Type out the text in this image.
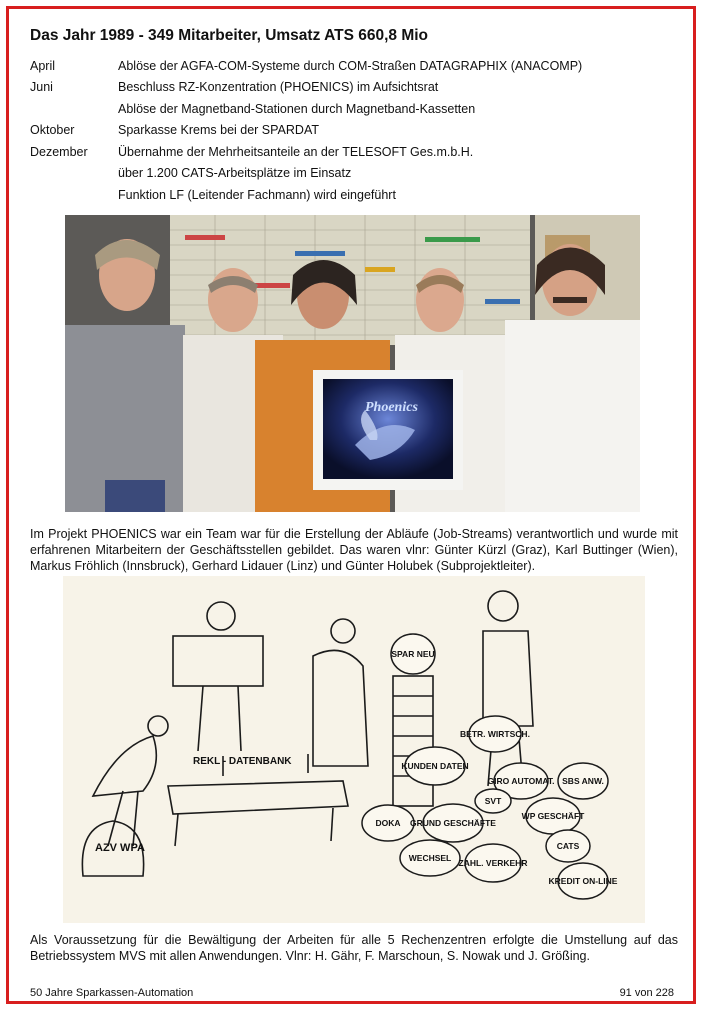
Das Jahr 1989 - 349 Mitarbeiter, Umsatz ATS 660,8 Mio
April	Ablöse der AGFA-COM-Systeme durch COM-Straßen DATAGRAPHIX (ANACOMP)
Juni	Beschluss RZ-Konzentration (PHOENICS) im Aufsichtsrat
Ablöse der Magnetband-Stationen durch Magnetband-Kassetten
Oktober	Sparkasse Krems bei der SPARDAT
Dezember	Übernahme der Mehrheitsanteile an der TELESOFT Ges.m.b.H.
über 1.200 CATS-Arbeitsplätze im Einsatz
Funktion LF (Leitender Fachmann) wird eingeführt
Phoenics
Im Projekt PHOENICS war ein Team war für die Erstellung der Abläufe (Job-Streams) verantwortlich und wurde mit erfahrenen Mitarbeitern der Geschäftsstellen gebildet. Das waren vlnr: Günter Kürzl (Graz), Karl Buttinger (Wien), Markus Fröhlich (Innsbruck), Gerhard Lidauer (Linz) und Günter Holubek (Subprojektleiter).
REKL - DATENBANK
AZV WPA
SPAR NEU
BETR. WIRTSCH.
KUNDEN DATEN
GIRO AUTOMAT. SBS ANW.
DOKA GRUND GESCHÄFTE
SVT
WP GESCHÄFT
CATS
WECHSEL ZAHL. VERKEHR
KREDIT ON-LINE
Als Voraussetzung für die Bewältigung der Arbeiten für alle 5 Rechenzentren erfolgte die Umstellung auf das Betriebssystem MVS mit allen Anwendungen. Vlnr: H. Gähr, F. Marschoun, S. Nowak und J. Größing.
50 Jahre Sparkassen-Automation	91 von 228
